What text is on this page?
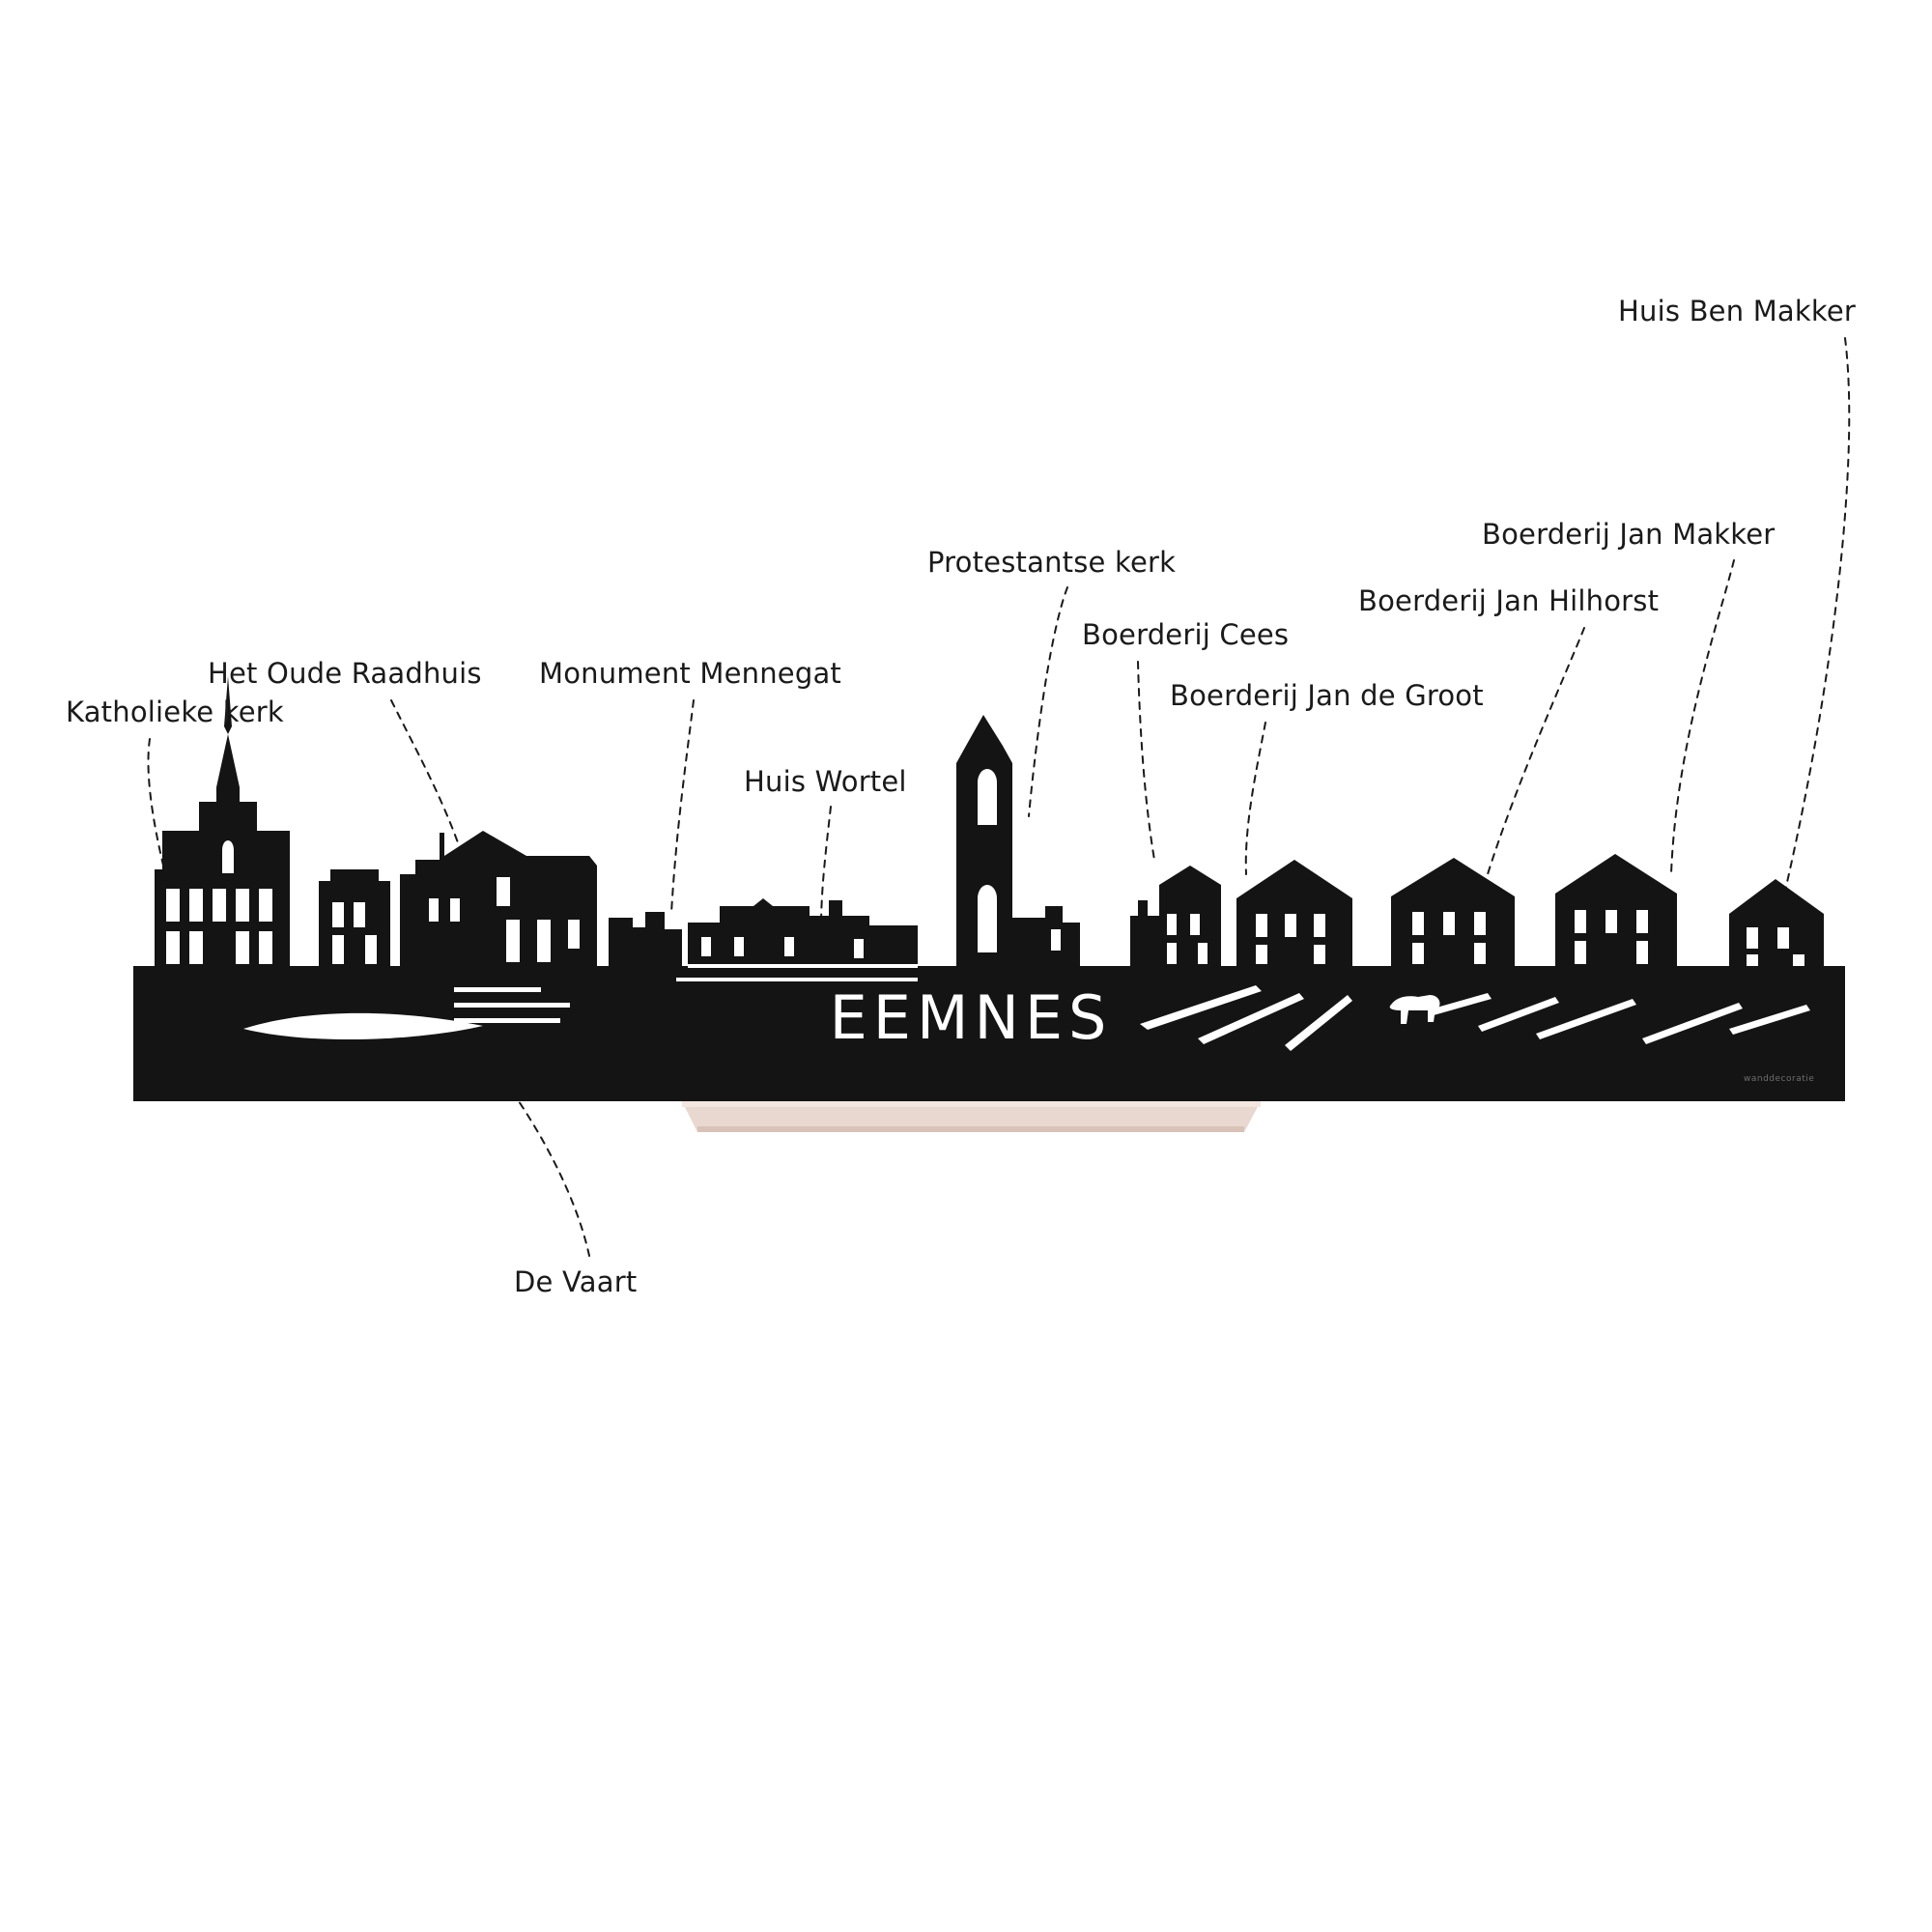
EEMNES
Katholieke kerk
Het Oude Raadhuis Monument Mennegat
Huis Wortel
Protestantse kerk
Boerderij Cees
Boerderij Jan de Groot
Boerderij Jan Hilhorst
Boerderij Jan Makker
Huis Ben Makker
De Vaart
wanddecoratie
